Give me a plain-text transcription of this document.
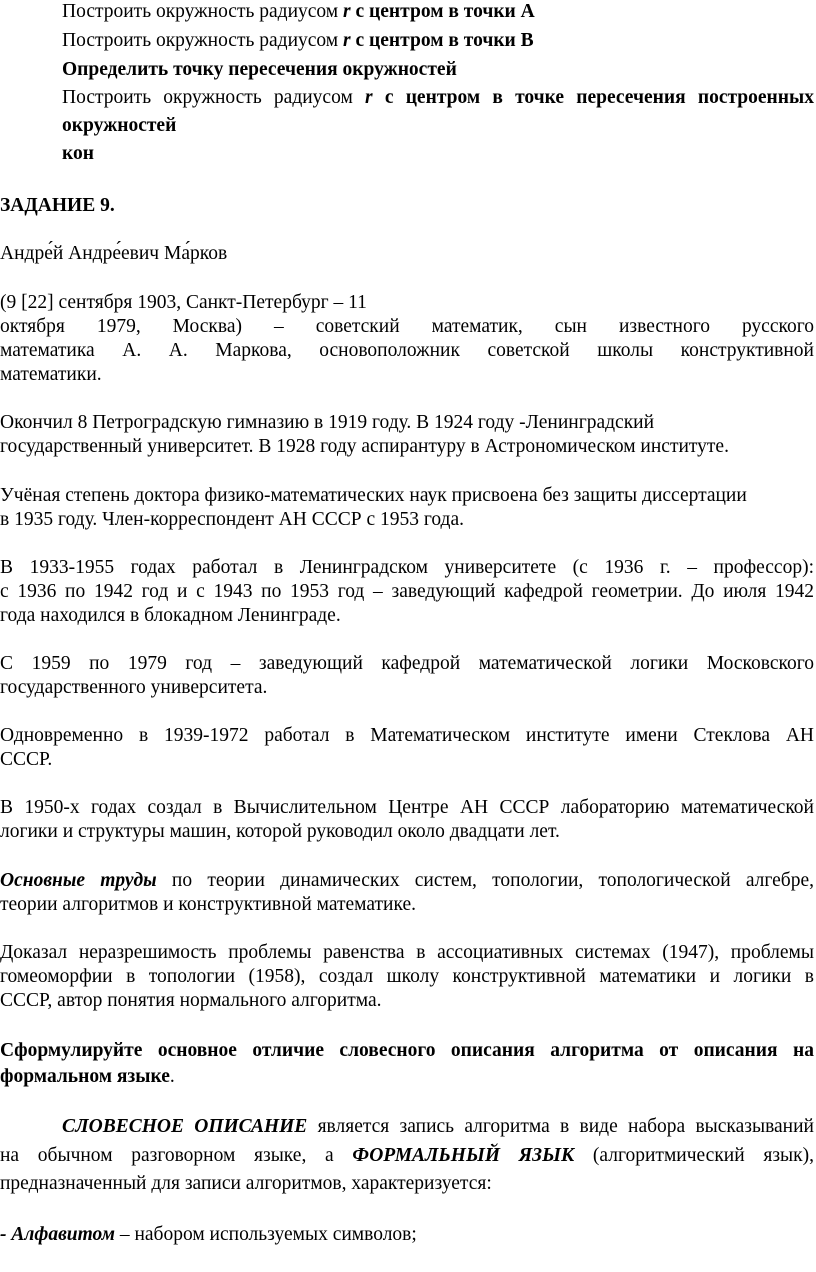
Построить окружность радиусом r с центром в точки А
Построить окружность радиусом r с центром в точки В
Определить точку пересечения окружностей
Построить окружность радиусом r с центром в точке пересечения построенных
окружностей
кон
ЗАДАНИЕ 9.
Андре́й Андре́евич Ма́рков
(9 [22] сентября 1903, Санкт-Петербург – 11
октября 1979, Москва) – советский математик, сын известного русского
математика А. А. Маркова, основоположник советской школы конструктивной
математики.
Окончил 8 Петроградскую гимназию в 1919 году. В 1924 году -Ленинградский
государственный университет. В 1928 году аспирантуру в Астрономическом институте.
Учёная степень доктора физико-математических наук присвоена без защиты диссертации
в 1935 году. Член-корреспондент АН СССР с 1953 года.
В 1933-1955 годах работал в Ленинградском университете (с 1936 г. – профессор):
с 1936 по 1942 год и с 1943 по 1953 год – заведующий кафедрой геометрии. До июля 1942
года находился в блокадном Ленинграде.
С 1959 по 1979 год – заведующий кафедрой математической логики Московского
государственного университета.
Одновременно в 1939-1972 работал в Математическом институте имени Стеклова АН
СССР.
В 1950-х годах создал в Вычислительном Центре АН СССР лабораторию математической
логики и структуры машин, которой руководил около двадцати лет.
Основные труды по теории динамических систем, топологии, топологической алгебре,
теории алгоритмов и конструктивной математике.
Доказал неразрешимость проблемы равенства в ассоциативных системах (1947), проблемы
гомеоморфии в топологии (1958), создал школу конструктивной математики и логики в
СССР, автор понятия нормального алгоритма.
Сформулируйте основное отличие словесного описания алгоритма от описания на
формальном языке.
СЛОВЕСНОЕ ОПИСАНИЕ является запись алгоритма в виде набора высказываний
на обычном разговорном языке, а ФОРМАЛЬНЫЙ ЯЗЫК (алгоритмический язык),
предназначенный для записи алгоритмов, характеризуется:
- Алфавитом – набором используемых символов;
